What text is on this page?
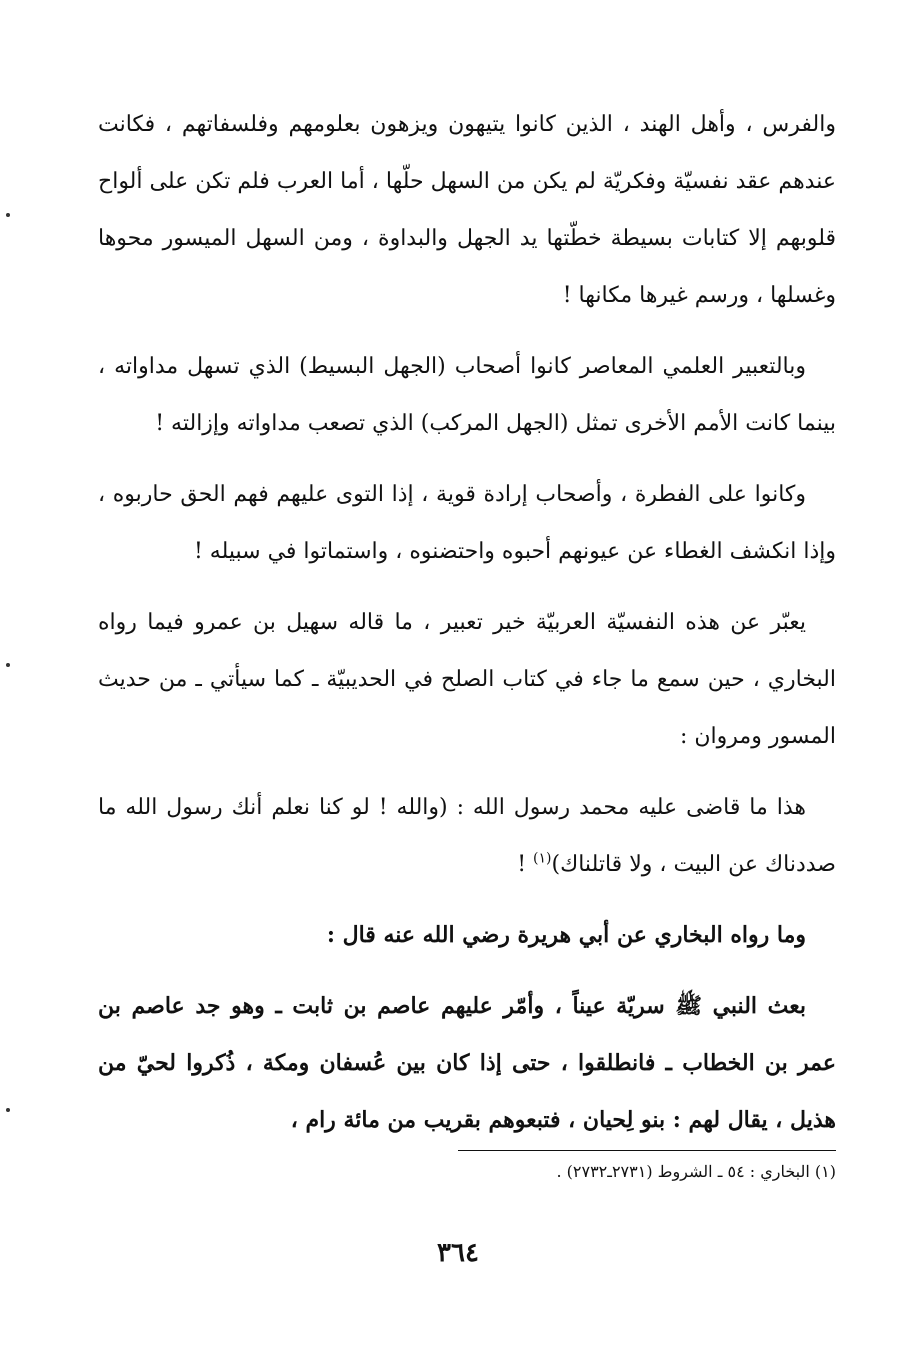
والفرس ، وأهل الهند ، الذين كانوا يتيهون ويزهون بعلومهم وفلسفاتهم ، فكانت عندهم عقد نفسيّة وفكريّة لم يكن من السهل حلّها ، أما العرب فلم تكن على ألواح قلوبهم إلا كتابات بسيطة خطّتها يد الجهل والبداوة ، ومن السهل الميسور محوها وغسلها ، ورسم غيرها مكانها !

وبالتعبير العلمي المعاصر كانوا أصحاب (الجهل البسيط) الذي تسهل مداواته ، بينما كانت الأمم الأخرى تمثل (الجهل المركب) الذي تصعب مداواته وإزالته !

وكانوا على الفطرة ، وأصحاب إرادة قوية ، إذا التوى عليهم فهم الحق حاربوه ، وإذا انكشف الغطاء عن عيونهم أحبوه واحتضنوه ، واستماتوا في سبيله !

يعبّر عن هذه النفسيّة العربيّة خير تعبير ، ما قاله سهيل بن عمرو فيما رواه البخاري ، حين سمع ما جاء في كتاب الصلح في الحديبيّة ـ كما سيأتي ـ من حديث المسور ومروان :

هذا ما قاضى عليه محمد رسول الله : (والله ! لو كنا نعلم أنك رسول الله ما صددناك عن البيت ، ولا قاتلناك)$^{(١)}$ !

وما رواه البخاري عن أبي هريرة رضي الله عنه قال :

بعث النبي ﷺ سريّة عيناً ، وأمّر عليهم عاصم بن ثابت ـ وهو جد عاصم بن عمر بن الخطاب ـ فانطلقوا ، حتى إذا كان بين عُسفان ومكة ، ذُكروا لحيّ من هذيل ، يقال لهم : بنو لِحيان ، فتبعوهم بقريب من مائة رام ،

(١) البخاري : ٥٤ ـ الشروط (٢٧٣١ـ٢٧٣٢) .
٣٦٤
